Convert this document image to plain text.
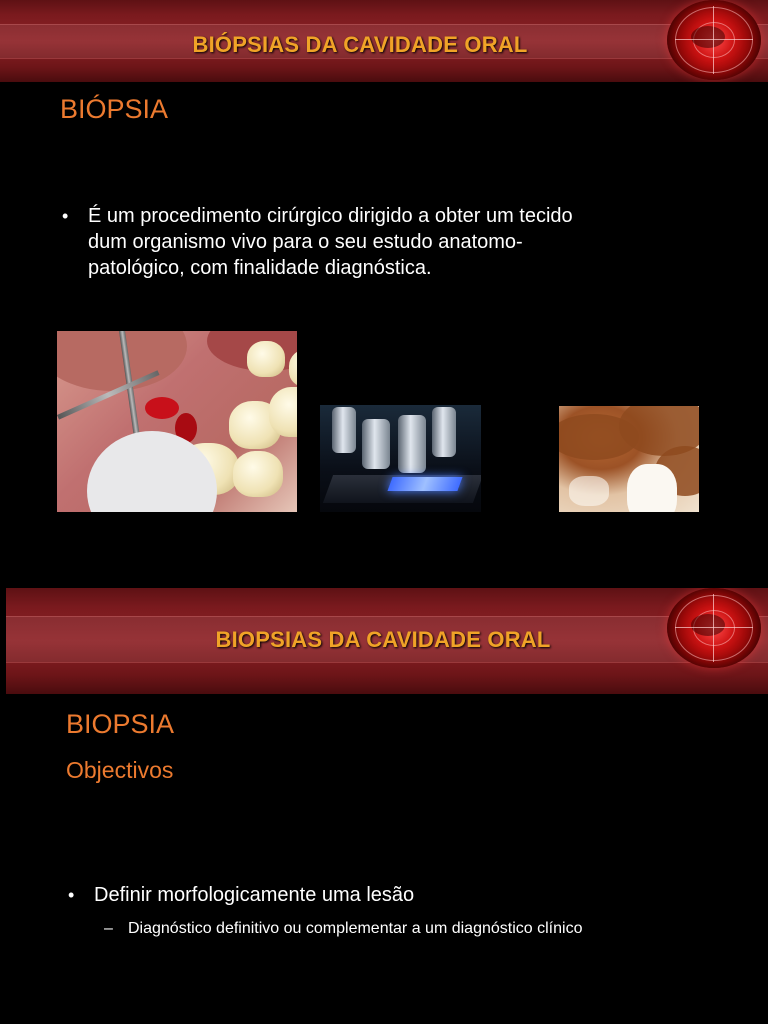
BIÓPSIAS DA CAVIDADE ORAL
BIÓPSIA
• É um procedimento cirúrgico dirigido a obter um tecido
dum organismo vivo para o seu estudo anatomo-
patológico, com finalidade diagnóstica.
BIOPSIAS DA CAVIDADE ORAL
BIOPSIA
Objectivos
• Definir morfologicamente uma lesão
– Diagnóstico definitivo ou complementar a um diagnóstico clínico
